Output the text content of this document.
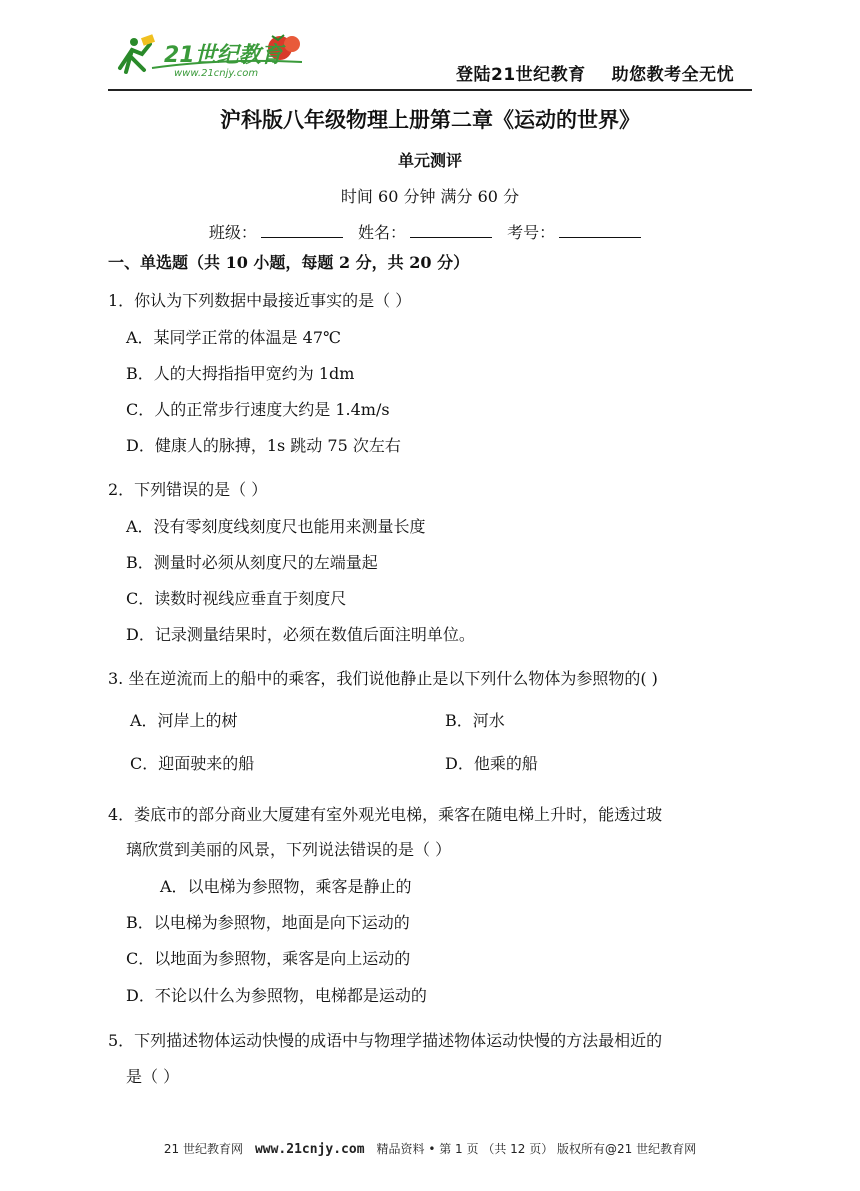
21世纪教育
www.21cnjy.com	登陆21世纪教育 助您教考全无忧
沪科版八年级物理上册第二章《运动的世界》
单元测评
时间 60 分钟 满分 60 分
班级：	姓名：	考号：
一、单选题（共 10 小题，每题 2 分，共 20 分）
1．你认为下列数据中最接近事实的是（ ）
A．某同学正常的体温是 47℃
B．人的大拇指指甲宽约为 1dm
C．人的正常步行速度大约是 1.4m/s
D．健康人的脉搏，1s 跳动 75 次左右
2．下列错误的是（ ）
A．没有零刻度线刻度尺也能用来测量长度
B．测量时必须从刻度尺的左端量起
C．读数时视线应垂直于刻度尺
D．记录测量结果时，必须在数值后面注明单位。
3. 坐在逆流而上的船中的乘客，我们说他静止是以下列什么物体为参照物的( )
A．河岸上的树	B．河水
C．迎面驶来的船	D．他乘的船
4．娄底市的部分商业大厦建有室外观光电梯，乘客在随电梯上升时，能透过玻
璃欣赏到美丽的风景，下列说法错误的是（ ）
A．以电梯为参照物，乘客是静止的
B．以电梯为参照物，地面是向下运动的
C．以地面为参照物，乘客是向上运动的
D．不论以什么为参照物，电梯都是运动的
5．下列描述物体运动快慢的成语中与物理学描述物体运动快慢的方法最相近的
是（ ）
21 世纪教育网 www.21cnjy.com 精品资料 • 第 1 页 （共 12 页） 版权所有@21 世纪教育网
